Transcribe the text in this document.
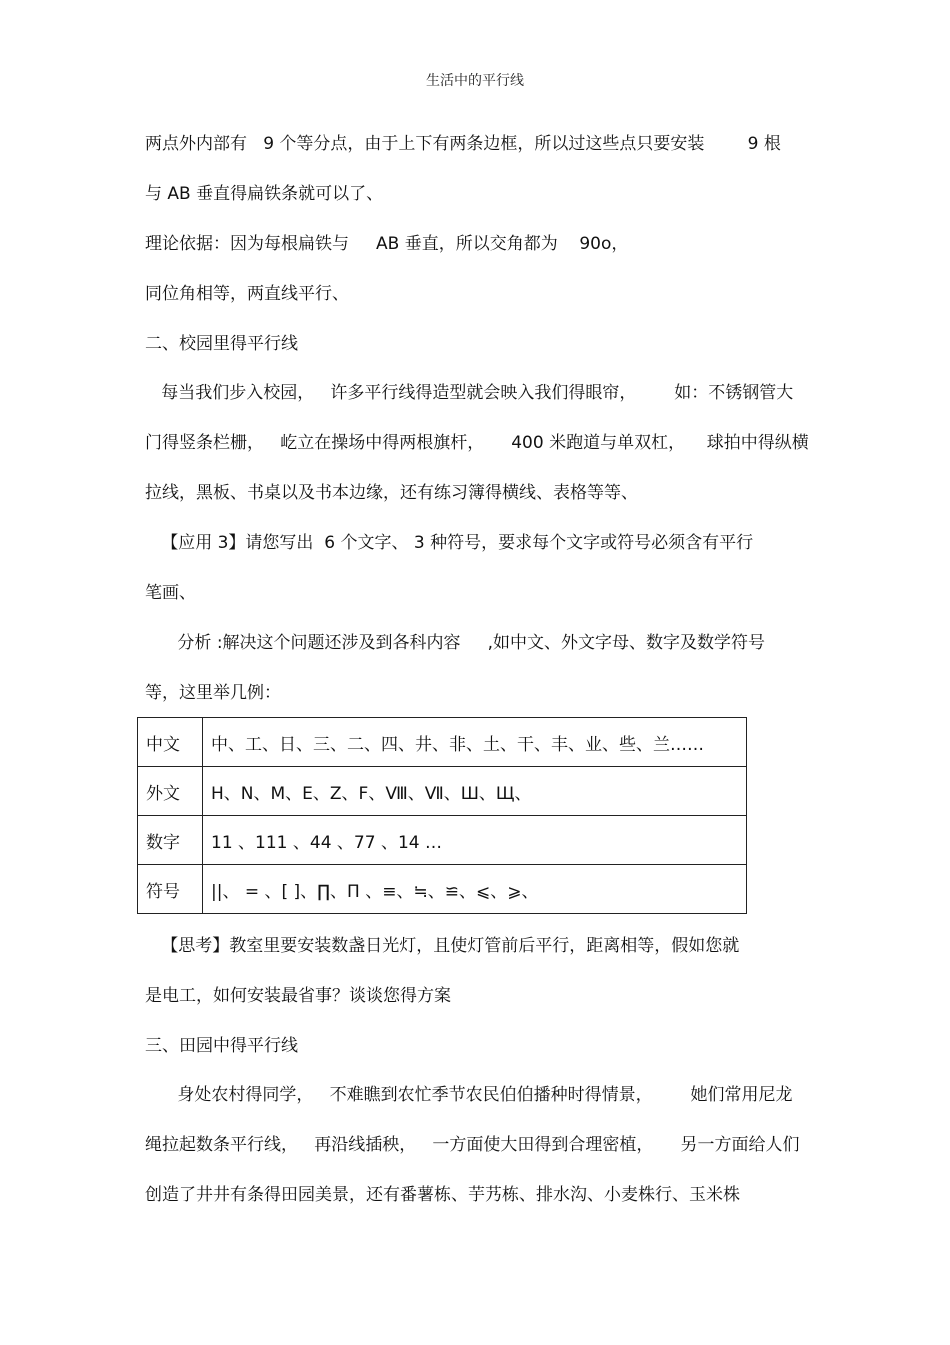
生活中的平行线
两点外内部有   9 个等分点，由于上下有两条边框，所以过这些点只要安装        9 根
与 AB 垂直得扁铁条就可以了、
理论依据：因为每根扁铁与     AB 垂直，所以交角都为    90o，
同位角相等，两直线平行、
二、校园里得平行线
每当我们步入校园，   许多平行线得造型就会映入我们得眼帘，       如：不锈钢管大
门得竖条栏栅，   屹立在操场中得两根旗杆，     400 米跑道与单双杠，    球拍中得纵横
拉线，黑板、书桌以及书本边缘，还有练习簿得横线、表格等等、
【应用 3】请您写出  6 个文字、 3 种符号，要求每个文字或符号必须含有平行
笔画、
分析 :解决这个问题还涉及到各科内容     ,如中文、外文字母、数字及数学符号
等，这里举几例：
中文	中、工、日、三、二、四、井、非、土、干、丰、业、些、兰……
外文	H、N、M、E、Z、F、Ⅷ、Ⅶ、Ш、Щ、
数字	11 、111 、44 、77 、14 …
符号	||、 = 、[ ]、∏、Π 、≡、≒、≌、⩽、⩾、
【思考】教室里要安装数盏日光灯，且使灯管前后平行，距离相等，假如您就
是电工，如何安装最省事？谈谈您得方案
三、田园中得平行线
身处农村得同学，   不难瞧到农忙季节农民伯伯播种时得情景，       她们常用尼龙
绳拉起数条平行线，   再沿线插秧，   一方面使大田得到合理密植，     另一方面给人们
创造了井井有条得田园美景，还有番薯栋、芋艿栋、排水沟、小麦株行、玉米株
